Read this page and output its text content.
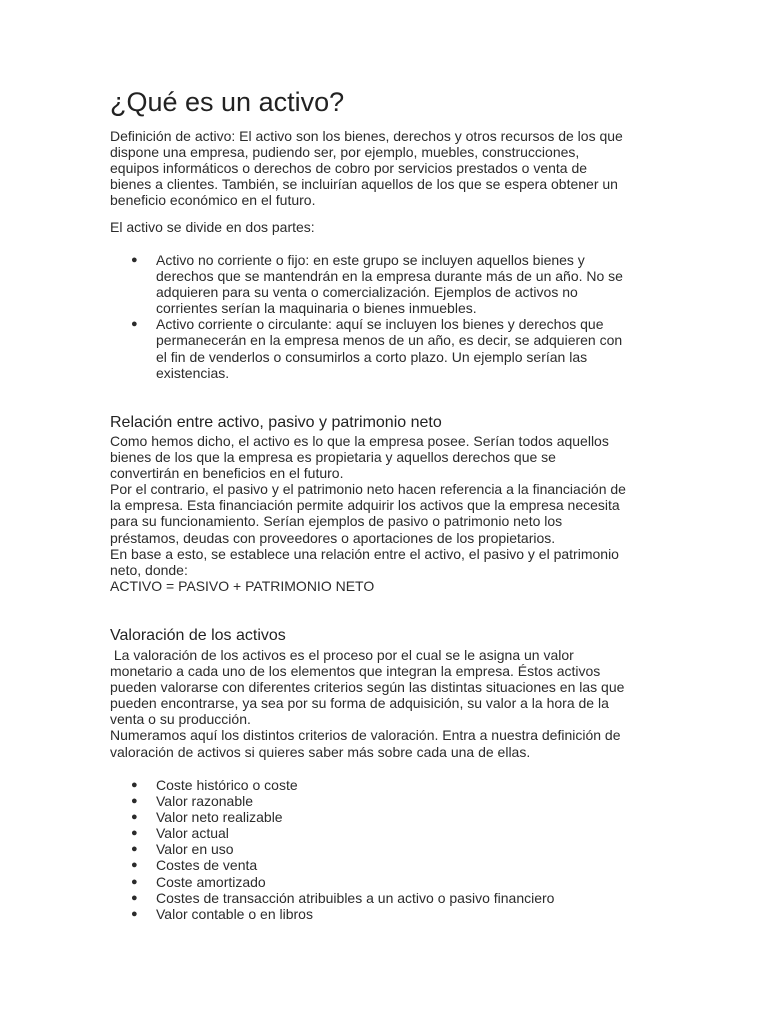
¿Qué es un activo?

Definición de activo: El activo son los bienes, derechos y otros recursos de los que
dispone una empresa, pudiendo ser, por ejemplo, muebles, construcciones,
equipos informáticos o derechos de cobro por servicios prestados o venta de
bienes a clientes. También, se incluirían aquellos de los que se espera obtener un
beneficio económico en el futuro.

El activo se divide en dos partes:

● Activo no corriente o fijo: en este grupo se incluyen aquellos bienes y
derechos que se mantendrán en la empresa durante más de un año. No se
adquieren para su venta o comercialización. Ejemplos de activos no
corrientes serían la maquinaria o bienes inmuebles.
● Activo corriente o circulante: aquí se incluyen los bienes y derechos que
permanecerán en la empresa menos de un año, es decir, se adquieren con
el fin de venderlos o consumirlos a corto plazo. Un ejemplo serían las
existencias.
Relación entre activo, pasivo y patrimonio neto

Como hemos dicho, el activo es lo que la empresa posee. Serían todos aquellos
bienes de los que la empresa es propietaria y aquellos derechos que se
convertirán en beneficios en el futuro.
Por el contrario, el pasivo y el patrimonio neto hacen referencia a la financiación de
la empresa. Esta financiación permite adquirir los activos que la empresa necesita
para su funcionamiento. Serían ejemplos de pasivo o patrimonio neto los
préstamos, deudas con proveedores o aportaciones de los propietarios.
En base a esto, se establece una relación entre el activo, el pasivo y el patrimonio
neto, donde:
ACTIVO = PASIVO + PATRIMONIO NETO

Valoración de los activos

La valoración de los activos es el proceso por el cual se le asigna un valor
monetario a cada uno de los elementos que integran la empresa. Éstos activos
pueden valorarse con diferentes criterios según las distintas situaciones en las que
pueden encontrarse, ya sea por su forma de adquisición, su valor a la hora de la
venta o su producción.
Numeramos aquí los distintos criterios de valoración. Entra a nuestra definición de
valoración de activos si quieres saber más sobre cada una de ellas.

● Coste histórico o coste
● Valor razonable
● Valor neto realizable
● Valor actual
● Valor en uso
● Costes de venta
● Coste amortizado
● Costes de transacción atribuibles a un activo o pasivo financiero
● Valor contable o en libros
